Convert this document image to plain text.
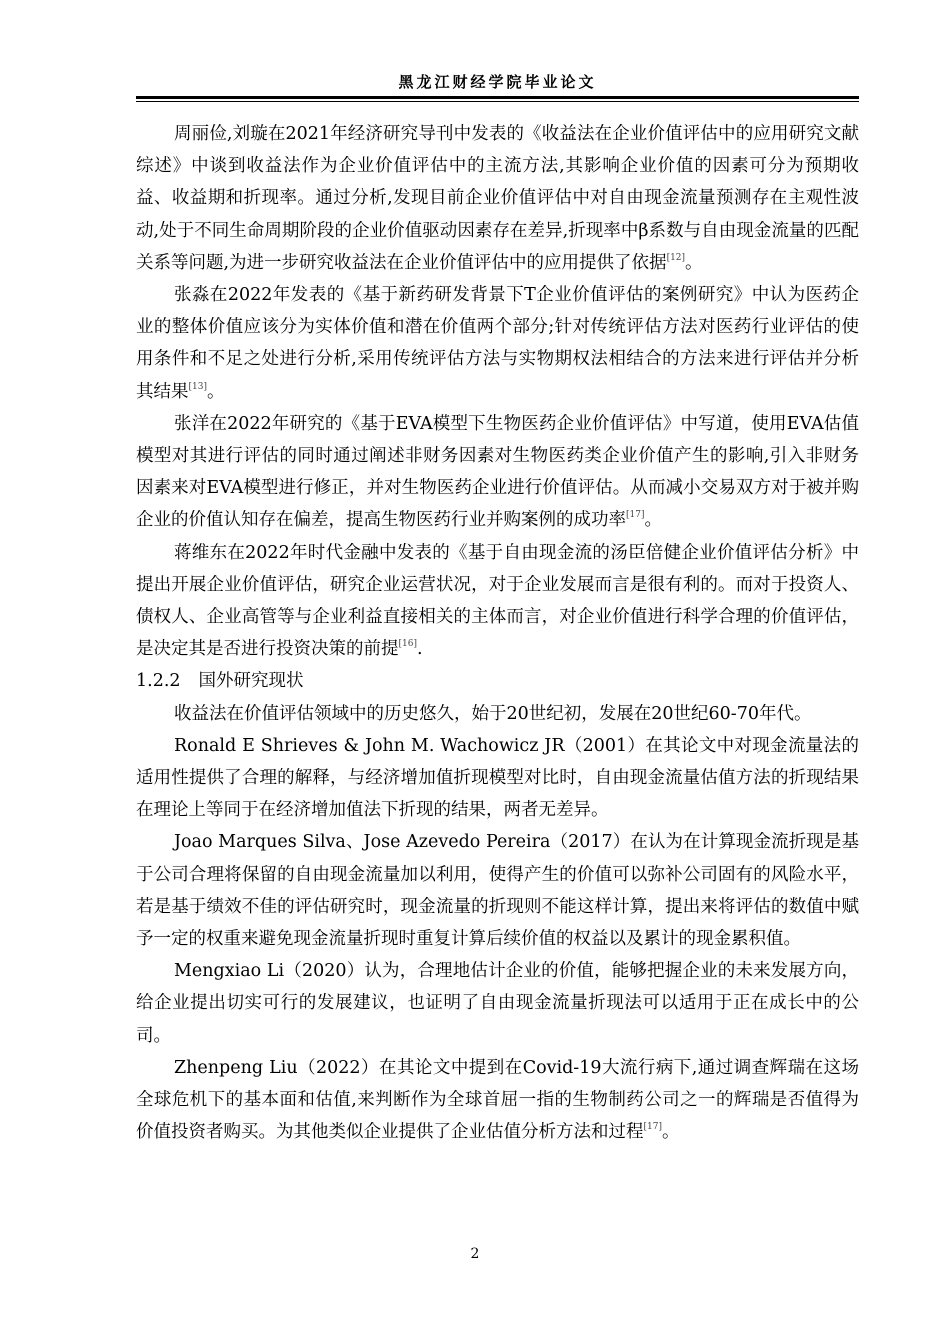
黑龙江财经学院毕业论文

周丽俭,刘璇在2021年经济研究导刊中发表的《收益法在企业价值评估中的应用研究文献综述》中谈到收益法作为企业价值评估中的主流方法,其影响企业价值的因素可分为预期收益、收益期和折现率。通过分析,发现目前企业价值评估中对自由现金流量预测存在主观性波动,处于不同生命周期阶段的企业价值驱动因素存在差异,折现率中β系数与自由现金流量的匹配关系等问题,为进一步研究收益法在企业价值评估中的应用提供了依据[12]。

张淼在2022年发表的《基于新药研发背景下T企业价值评估的案例研究》中认为医药企业的整体价值应该分为实体价值和潜在价值两个部分;针对传统评估方法对医药行业评估的使用条件和不足之处进行分析,采用传统评估方法与实物期权法相结合的方法来进行评估并分析其结果[13]。

张洋在2022年研究的《基于EVA模型下生物医药企业价值评估》中写道，使用EVA估值模型对其进行评估的同时通过阐述非财务因素对生物医药类企业价值产生的影响,引入非财务因素来对EVA模型进行修正，并对生物医药企业进行价值评估。从而减小交易双方对于被并购企业的价值认知存在偏差，提高生物医药行业并购案例的成功率[17]。

蒋维东在2022年时代金融中发表的《基于自由现金流的汤臣倍健企业价值评估分析》中提出开展企业价值评估，研究企业运营状况，对于企业发展而言是很有利的。而对于投资人、债权人、企业高管等与企业利益直接相关的主体而言，对企业价值进行科学合理的价值评估，是决定其是否进行投资决策的前提[16].

1.2.2 国外研究现状

收益法在价值评估领域中的历史悠久，始于20世纪初，发展在20世纪60-70年代。

Ronald E Shrieves & John M. Wachowicz JR（2001）在其论文中对现金流量法的适用性提供了合理的解释，与经济增加值折现模型对比时，自由现金流量估值方法的折现结果在理论上等同于在经济增加值法下折现的结果，两者无差异。

Joao Marques Silva、Jose Azevedo Pereira（2017）在认为在计算现金流折现是基于公司合理将保留的自由现金流量加以利用，使得产生的价值可以弥补公司固有的风险水平，若是基于绩效不佳的评估研究时，现金流量的折现则不能这样计算，提出来将评估的数值中赋予一定的权重来避免现金流量折现时重复计算后续价值的权益以及累计的现金累积值。

Mengxiao Li（2020）认为，合理地估计企业的价值，能够把握企业的未来发展方向，给企业提出切实可行的发展建议，也证明了自由现金流量折现法可以适用于正在成长中的公司。

Zhenpeng Liu（2022）在其论文中提到在Covid-19大流行病下,通过调查辉瑞在这场全球危机下的基本面和估值,来判断作为全球首屈一指的生物制药公司之一的辉瑞是否值得为价值投资者购买。为其他类似企业提供了企业估值分析方法和过程[17]。

2
